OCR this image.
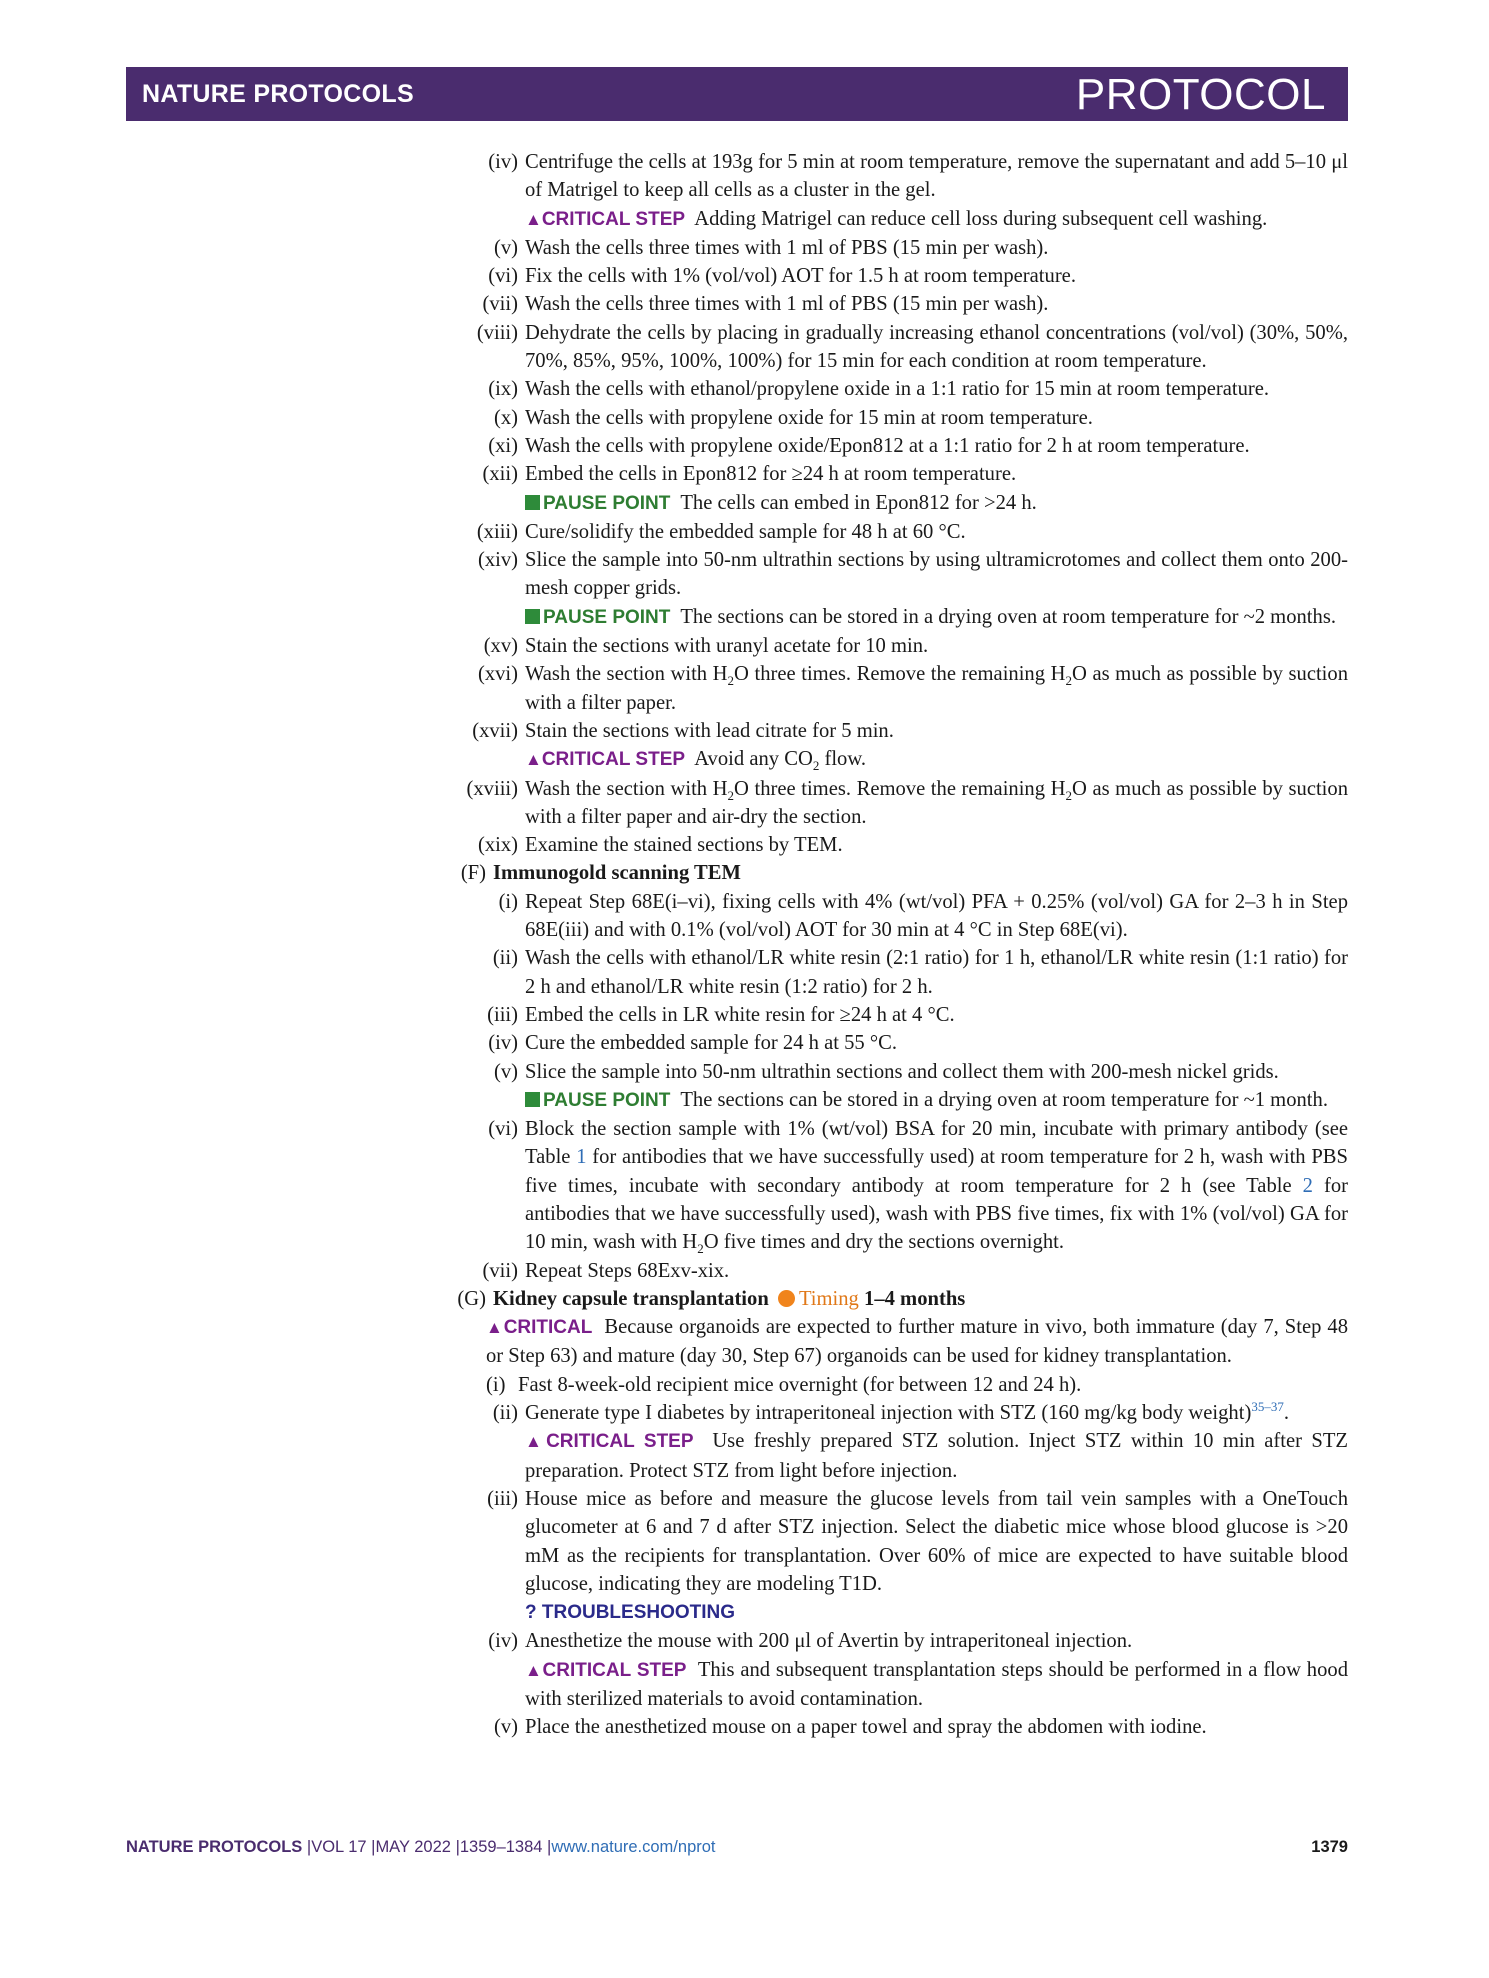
NATURE PROTOCOLS	PROTOCOL
(iv) Centrifuge the cells at 193g for 5 min at room temperature, remove the supernatant and add 5–10 μl of Matrigel to keep all cells as a cluster in the gel.
▲CRITICAL STEP Adding Matrigel can reduce cell loss during subsequent cell washing.
(v) Wash the cells three times with 1 ml of PBS (15 min per wash).
(vi) Fix the cells with 1% (vol/vol) AOT for 1.5 h at room temperature.
(vii) Wash the cells three times with 1 ml of PBS (15 min per wash).
(viii) Dehydrate the cells by placing in gradually increasing ethanol concentrations (vol/vol) (30%, 50%, 70%, 85%, 95%, 100%, 100%) for 15 min for each condition at room temperature.
(ix) Wash the cells with ethanol/propylene oxide in a 1:1 ratio for 15 min at room temperature.
(x) Wash the cells with propylene oxide for 15 min at room temperature.
(xi) Wash the cells with propylene oxide/Epon812 at a 1:1 ratio for 2 h at room temperature.
(xii) Embed the cells in Epon812 for ≥24 h at room temperature.
PAUSE POINT The cells can embed in Epon812 for >24 h.
(xiii) Cure/solidify the embedded sample for 48 h at 60 °C.
(xiv) Slice the sample into 50-nm ultrathin sections by using ultramicrotomes and collect them onto 200-mesh copper grids.
PAUSE POINT The sections can be stored in a drying oven at room temperature for ~2 months.
(xv) Stain the sections with uranyl acetate for 10 min.
(xvi) Wash the section with $H_2O$ three times. Remove the remaining $H_2O$ as much as possible by suction with a filter paper.
(xvii) Stain the sections with lead citrate for 5 min.
▲CRITICAL STEP Avoid any $CO_2$ flow.
(xviii) Wash the section with $H_2O$ three times. Remove the remaining $H_2O$ as much as possible by suction with a filter paper and air-dry the section.
(xix) Examine the stained sections by TEM.
(F) Immunogold scanning TEM
(i) Repeat Step 68E(i–vi), fixing cells with 4% (wt/vol) PFA + 0.25% (vol/vol) GA for 2–3 h in Step 68E(iii) and with 0.1% (vol/vol) AOT for 30 min at 4 °C in Step 68E(vi).
(ii) Wash the cells with ethanol/LR white resin (2:1 ratio) for 1 h, ethanol/LR white resin (1:1 ratio) for 2 h and ethanol/LR white resin (1:2 ratio) for 2 h.
(iii) Embed the cells in LR white resin for ≥24 h at 4 °C.
(iv) Cure the embedded sample for 24 h at 55 °C.
(v) Slice the sample into 50-nm ultrathin sections and collect them with 200-mesh nickel grids.
PAUSE POINT The sections can be stored in a drying oven at room temperature for ~1 month.
(vi) Block the section sample with 1% (wt/vol) BSA for 20 min, incubate with primary antibody (see Table 1 for antibodies that we have successfully used) at room temperature for 2 h, wash with PBS five times, incubate with secondary antibody at room temperature for 2 h (see Table 2 for antibodies that we have successfully used), wash with PBS five times, fix with 1% (vol/vol) GA for 10 min, wash with $H_2O$ five times and dry the sections overnight.
(vii) Repeat Steps 68Exv-xix.
(G) Kidney capsule transplantation Timing 1–4 months
▲CRITICAL Because organoids are expected to further mature in vivo, both immature (day 7, Step 48 or Step 63) and mature (day 30, Step 67) organoids can be used for kidney transplantation.
(i) Fast 8-week-old recipient mice overnight (for between 12 and 24 h).
(ii) Generate type I diabetes by intraperitoneal injection with STZ (160 mg/kg body weight)$^{35-37}$.
▲CRITICAL STEP Use freshly prepared STZ solution. Inject STZ within 10 min after STZ preparation. Protect STZ from light before injection.
(iii) House mice as before and measure the glucose levels from tail vein samples with a OneTouch glucometer at 6 and 7 d after STZ injection. Select the diabetic mice whose blood glucose is >20 mM as the recipients for transplantation. Over 60% of mice are expected to have suitable blood glucose, indicating they are modeling T1D.
? TROUBLESHOOTING
(iv) Anesthetize the mouse with 200 μl of Avertin by intraperitoneal injection.
▲CRITICAL STEP This and subsequent transplantation steps should be performed in a flow hood with sterilized materials to avoid contamination.
(v) Place the anesthetized mouse on a paper towel and spray the abdomen with iodine.
NATURE PROTOCOLS |VOL 17 |MAY 2022 |1359–1384 |www.nature.com/nprot	1379
